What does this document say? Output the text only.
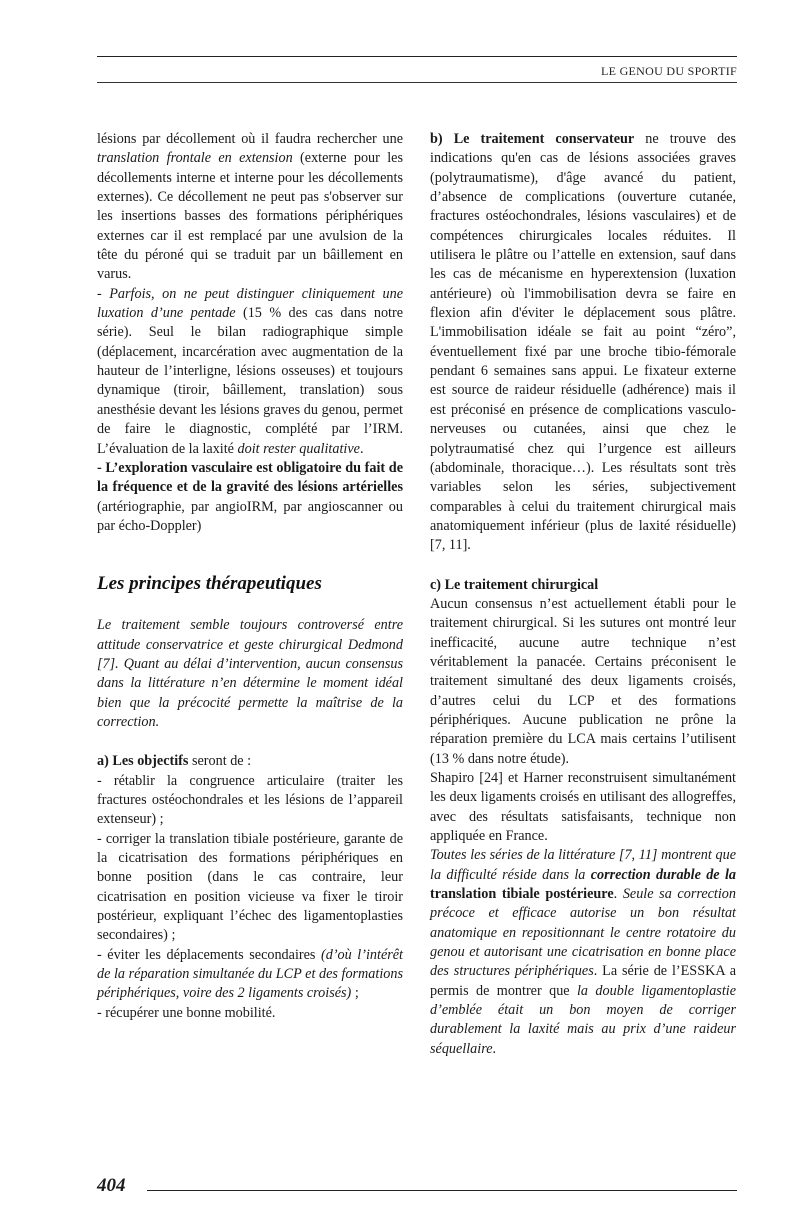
LE GENOU DU SPORTIF

lésions par décollement où il faudra rechercher une translation frontale en extension (externe pour les décollements interne et interne pour les décollements externes). Ce décollement ne peut pas s'observer sur les insertions basses des formations périphériques externes car il est remplacé par une avulsion de la tête du péroné qui se traduit par un bâillement en varus.

- Parfois, on ne peut distinguer cliniquement une luxation d’une pentade (15 % des cas dans notre série). Seul le bilan radiographique simple (déplacement, incarcération avec augmentation de la hauteur de l’interligne, lésions osseuses) et toujours dynamique (tiroir, bâillement, translation) sous anesthésie devant les lésions graves du genou, permet de faire le diagnostic, complété par l’IRM. L’évaluation de la laxité doit rester qualitative.

- L’exploration vasculaire est obligatoire du fait de la fréquence et de la gravité des lésions artérielles (artériographie, par angioIRM, par angioscanner ou par écho-Doppler)

Les principes thérapeutiques

Le traitement semble toujours controversé entre attitude conservatrice et geste chirurgical Dedmond [7]. Quant au délai d’intervention, aucun consensus dans la littérature n’en détermine le moment idéal bien que la précocité permette la maîtrise de la correction.

a) Les objectifs seront de :

- rétablir la congruence articulaire (traiter les fractures ostéochondrales et les lésions de l’appareil extenseur) ;

- corriger la translation tibiale postérieure, garante de la cicatrisation des formations périphériques en bonne position (dans le cas contraire, leur cicatrisation en position vicieuse va fixer le tiroir postérieur, expliquant l’échec des ligamentoplasties secondaires) ;

- éviter les déplacements secondaires (d’où l’intérêt de la réparation simultanée du LCP et des formations périphériques, voire des 2 ligaments croisés) ;

- récupérer une bonne mobilité.

b) Le traitement conservateur ne trouve des indications qu'en cas de lésions associées graves (polytraumatisme), d'âge avancé du patient, d’absence de complications (ouverture cutanée, fractures ostéochondrales, lésions vasculaires) et de compétences chirurgicales locales réduites. Il utilisera le plâtre ou l’attelle en extension, sauf dans les cas de mécanisme en hyperextension (luxation antérieure) où l'immobilisation devra se faire en flexion afin d'éviter le déplacement sous plâtre. L'immobilisation idéale se fait au point “zéro”, éventuellement fixé par une broche tibio-fémorale pendant 6 semaines sans appui. Le fixateur externe est source de raideur résiduelle (adhérence) mais il est préconisé en présence de complications vasculo-nerveuses ou cutanées, ainsi que chez le polytraumatisé chez qui l’urgence est ailleurs (abdominale, thoracique…). Les résultats sont très variables selon les séries, subjectivement comparables à celui du traitement chirurgical mais anatomiquement inférieur (plus de laxité résiduelle) [7, 11].

c) Le traitement chirurgical

Aucun consensus n’est actuellement établi pour le traitement chirurgical. Si les sutures ont montré leur inefficacité, aucune autre technique n’est véritablement la panacée. Certains préconisent le traitement simultané des deux ligaments croisés, d’autres celui du LCP et des formations périphériques. Aucune publication ne prône la réparation première du LCA mais certains l’utilisent (13 % dans notre étude).

Shapiro [24] et Harner reconstruisent simultanément les deux ligaments croisés en utilisant des allogreffes, avec des résultats satisfaisants, technique non appliquée en France.

Toutes les séries de la littérature [7, 11] montrent que la difficulté réside dans la correction durable de la translation tibiale postérieure. Seule sa correction précoce et efficace autorise un bon résultat anatomique en repositionnant le centre rotatoire du genou et autorisant une cicatrisation en bonne place des structures périphériques. La série de l’ESSKA a permis de montrer que la double ligamentoplastie d’emblée était un bon moyen de corriger durablement la laxité mais au prix d’une raideur séquellaire.

404
